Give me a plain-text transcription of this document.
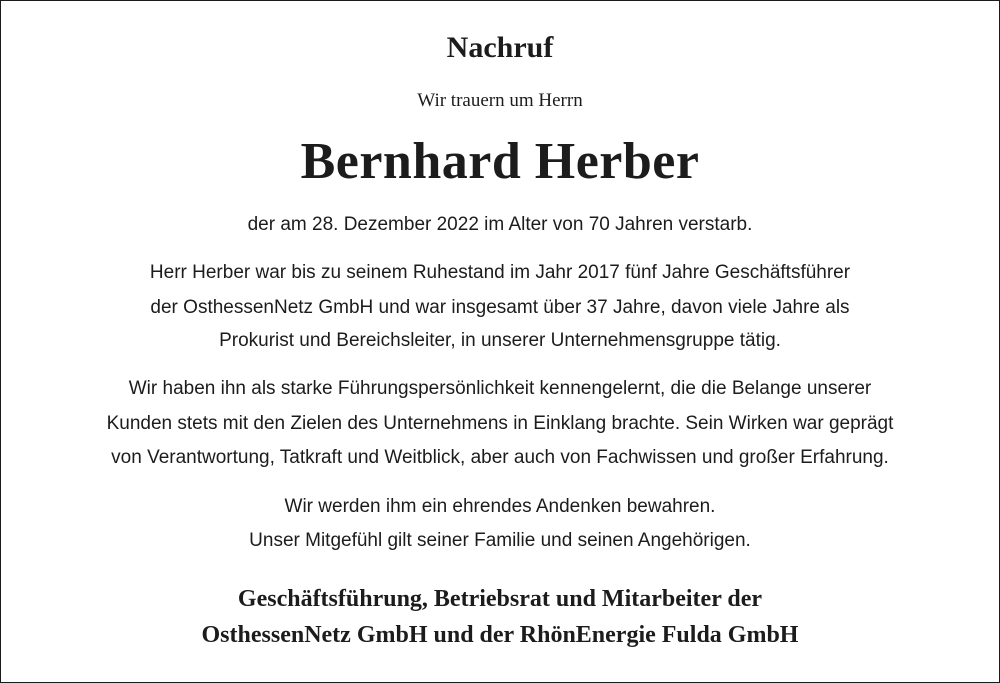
Nachruf
Wir trauern um Herrn
Bernhard Herber
der am 28. Dezember 2022 im Alter von 70 Jahren verstarb.
Herr Herber war bis zu seinem Ruhestand im Jahr 2017 fünf Jahre Geschäftsführer
der OsthessenNetz GmbH und war insgesamt über 37 Jahre, davon viele Jahre als
Prokurist und Bereichsleiter, in unserer Unternehmensgruppe tätig.
Wir haben ihn als starke Führungspersönlichkeit kennengelernt, die die Belange unserer
Kunden stets mit den Zielen des Unternehmens in Einklang brachte. Sein Wirken war geprägt
von Verantwortung, Tatkraft und Weitblick, aber auch von Fachwissen und großer Erfahrung.
Wir werden ihm ein ehrendes Andenken bewahren.
Unser Mitgefühl gilt seiner Familie und seinen Angehörigen.
Geschäftsführung, Betriebsrat und Mitarbeiter der
OsthessenNetz GmbH und der RhönEnergie Fulda GmbH
